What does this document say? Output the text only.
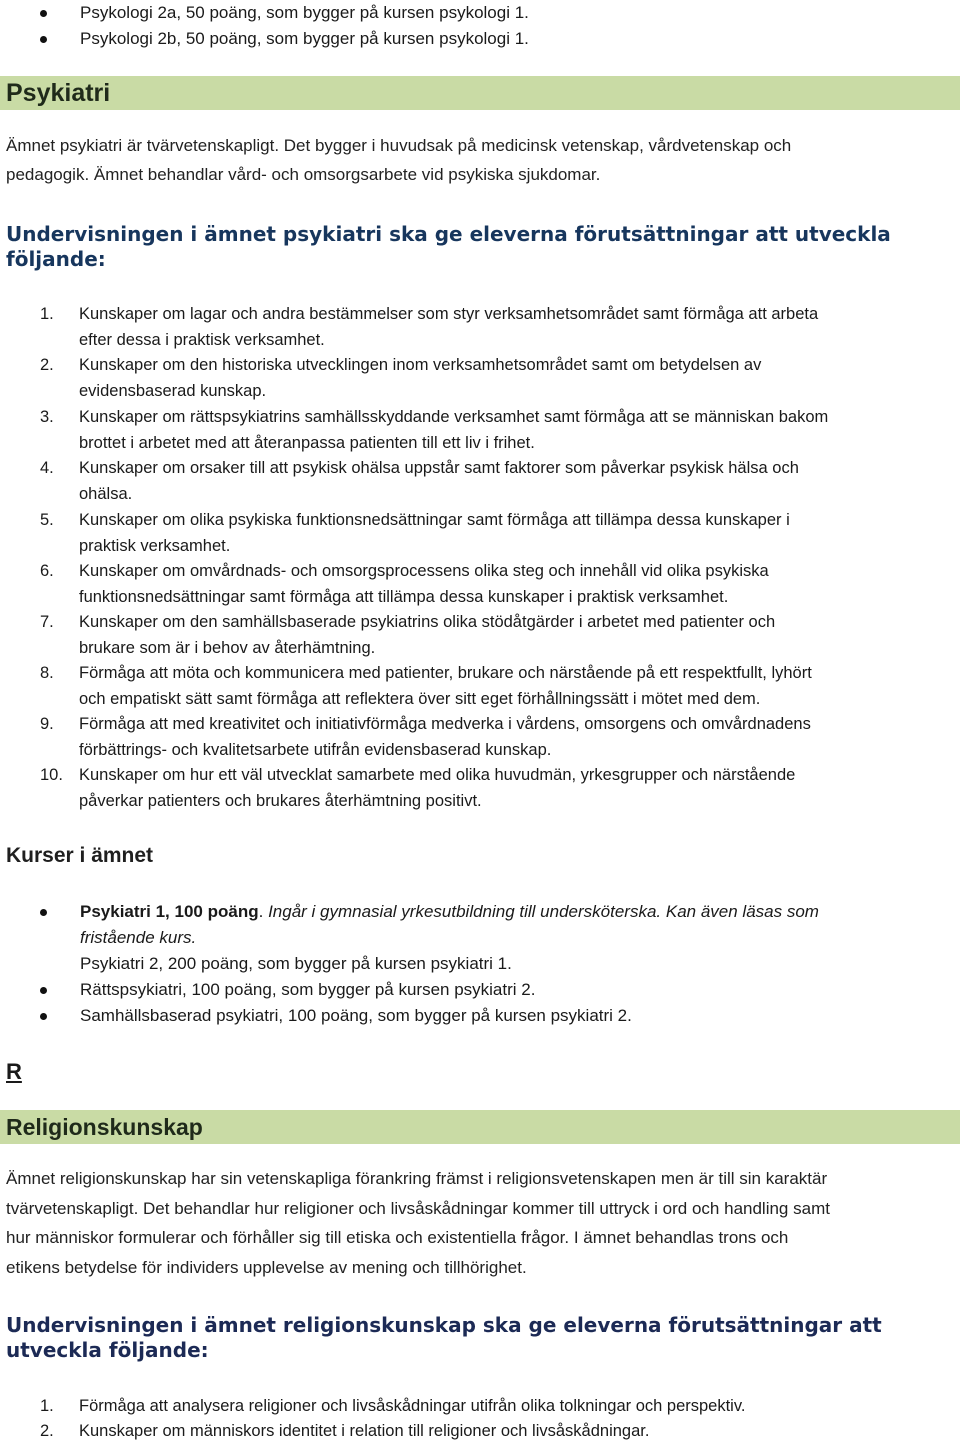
Psykologi 2a, 50 poäng, som bygger på kursen psykologi 1.
Psykologi 2b, 50 poäng, som bygger på kursen psykologi 1.
Psykiatri
Ämnet psykiatri är tvärvetenskapligt. Det bygger i huvudsak på medicinsk vetenskap, vårdvetenskap och
pedagogik. Ämnet behandlar vård- och omsorgsarbete vid psykiska sjukdomar.
Undervisningen i ämnet psykiatri ska ge eleverna förutsättningar att utveckla
följande:
1.	Kunskaper om lagar och andra bestämmelser som styr verksamhetsområdet samt förmåga att arbeta
efter dessa i praktisk verksamhet.
2.	Kunskaper om den historiska utvecklingen inom verksamhetsområdet samt om betydelsen av
evidensbaserad kunskap.
3.	Kunskaper om rättspsykiatrins samhällsskyddande verksamhet samt förmåga att se människan bakom
brottet i arbetet med att återanpassa patienten till ett liv i frihet.
4.	Kunskaper om orsaker till att psykisk ohälsa uppstår samt faktorer som påverkar psykisk hälsa och
ohälsa.
5.	Kunskaper om olika psykiska funktionsnedsättningar samt förmåga att tillämpa dessa kunskaper i
praktisk verksamhet.
6.	Kunskaper om omvårdnads- och omsorgsprocessens olika steg och innehåll vid olika psykiska
funktionsnedsättningar samt förmåga att tillämpa dessa kunskaper i praktisk verksamhet.
7.	Kunskaper om den samhällsbaserade psykiatrins olika stödåtgärder i arbetet med patienter och
brukare som är i behov av återhämtning.
8.	Förmåga att möta och kommunicera med patienter, brukare och närstående på ett respektfullt, lyhört
och empatiskt sätt samt förmåga att reflektera över sitt eget förhållningssätt i mötet med dem.
9.	Förmåga att med kreativitet och initiativförmåga medverka i vårdens, omsorgens och omvårdnadens
förbättrings- och kvalitetsarbete utifrån evidensbaserad kunskap.
10. Kunskaper om hur ett väl utvecklat samarbete med olika huvudmän, yrkesgrupper och närstående
påverkar patienters och brukares återhämtning positivt.
Kurser i ämnet
Psykiatri 1, 100 poäng. Ingår i gymnasial yrkesutbildning till undersköterska. Kan även läsas som
fristående kurs.
Psykiatri 2, 200 poäng, som bygger på kursen psykiatri 1.
Rättspsykiatri, 100 poäng, som bygger på kursen psykiatri 2.
Samhällsbaserad psykiatri, 100 poäng, som bygger på kursen psykiatri 2.
R
Religionskunskap
Ämnet religionskunskap har sin vetenskapliga förankring främst i religionsvetenskapen men är till sin karaktär
tvärvetenskapligt. Det behandlar hur religioner och livsåskådningar kommer till uttryck i ord och handling samt
hur människor formulerar och förhåller sig till etiska och existentiella frågor. I ämnet behandlas trons och
etikens betydelse för individers upplevelse av mening och tillhörighet.
Undervisningen i ämnet religionskunskap ska ge eleverna förutsättningar att
utveckla följande:
1.	Förmåga att analysera religioner och livsåskådningar utifrån olika tolkningar och perspektiv.
2.	Kunskaper om människors identitet i relation till religioner och livsåskådningar.
